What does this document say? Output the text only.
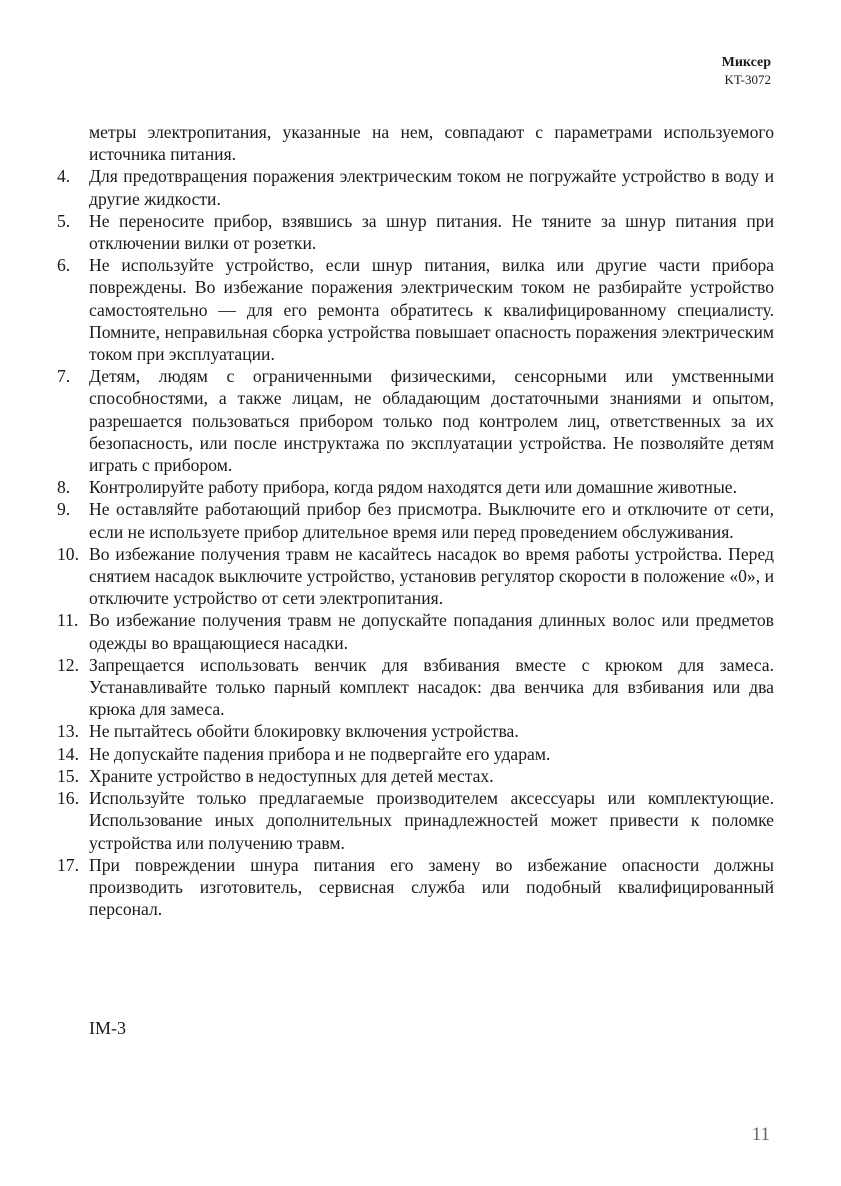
Миксер
KT-3072

метры электропитания, указанные на нем, совпадают с параметрами используемого источника питания.

4.	Для предотвращения поражения электрическим током не погружайте устройство в воду и другие жидкости.
5.	Не переносите прибор, взявшись за шнур питания. Не тяните за шнур питания при отключении вилки от розетки.
6.	Не используйте устройство, если шнур питания, вилка или другие части прибора повреждены. Во избежание поражения электрическим током не разбирайте устройство самостоятельно — для его ремонта обратитесь к квалифицированному специалисту. Помните, неправильная сборка устройства повышает опасность поражения электрическим током при эксплуатации.
7.	Детям, людям с ограниченными физическими, сенсорными или умственными способностями, а также лицам, не обладающим достаточными знаниями и опытом, разрешается пользоваться прибором только под контролем лиц, ответственных за их безопасность, или после инструктажа по эксплуатации устройства. Не позволяйте детям играть с прибором.
8.	Контролируйте работу прибора, когда рядом находятся дети или домашние животные.
9.	Не оставляйте работающий прибор без присмотра. Выключите его и отключите от сети, если не используете прибор длительное время или перед проведением обслуживания.
10. Во избежание получения травм не касайтесь насадок во время работы устройства. Перед снятием насадок выключите устройство, установив регулятор скорости в положение «0», и отключите устройство от сети электропитания.
11. Во избежание получения травм не допускайте попадания длинных волос или предметов одежды во вращающиеся насадки.
12. Запрещается использовать венчик для взбивания вместе с крюком для замеса. Устанавливайте только парный комплект насадок: два венчика для взбивания или два крюка для замеса.
13. Не пытайтесь обойти блокировку включения устройства.
14. Не допускайте падения прибора и не подвергайте его ударам.
15. Храните устройство в недоступных для детей местах.
16. Используйте только предлагаемые производителем аксессуары или комплектующие. Использование иных дополнительных принадлежностей может привести к поломке устройства или получению травм.
17. При повреждении шнура питания его замену во избежание опасности должны производить изготовитель, сервисная служба или подобный квалифицированный персонал.
IM-3
11
